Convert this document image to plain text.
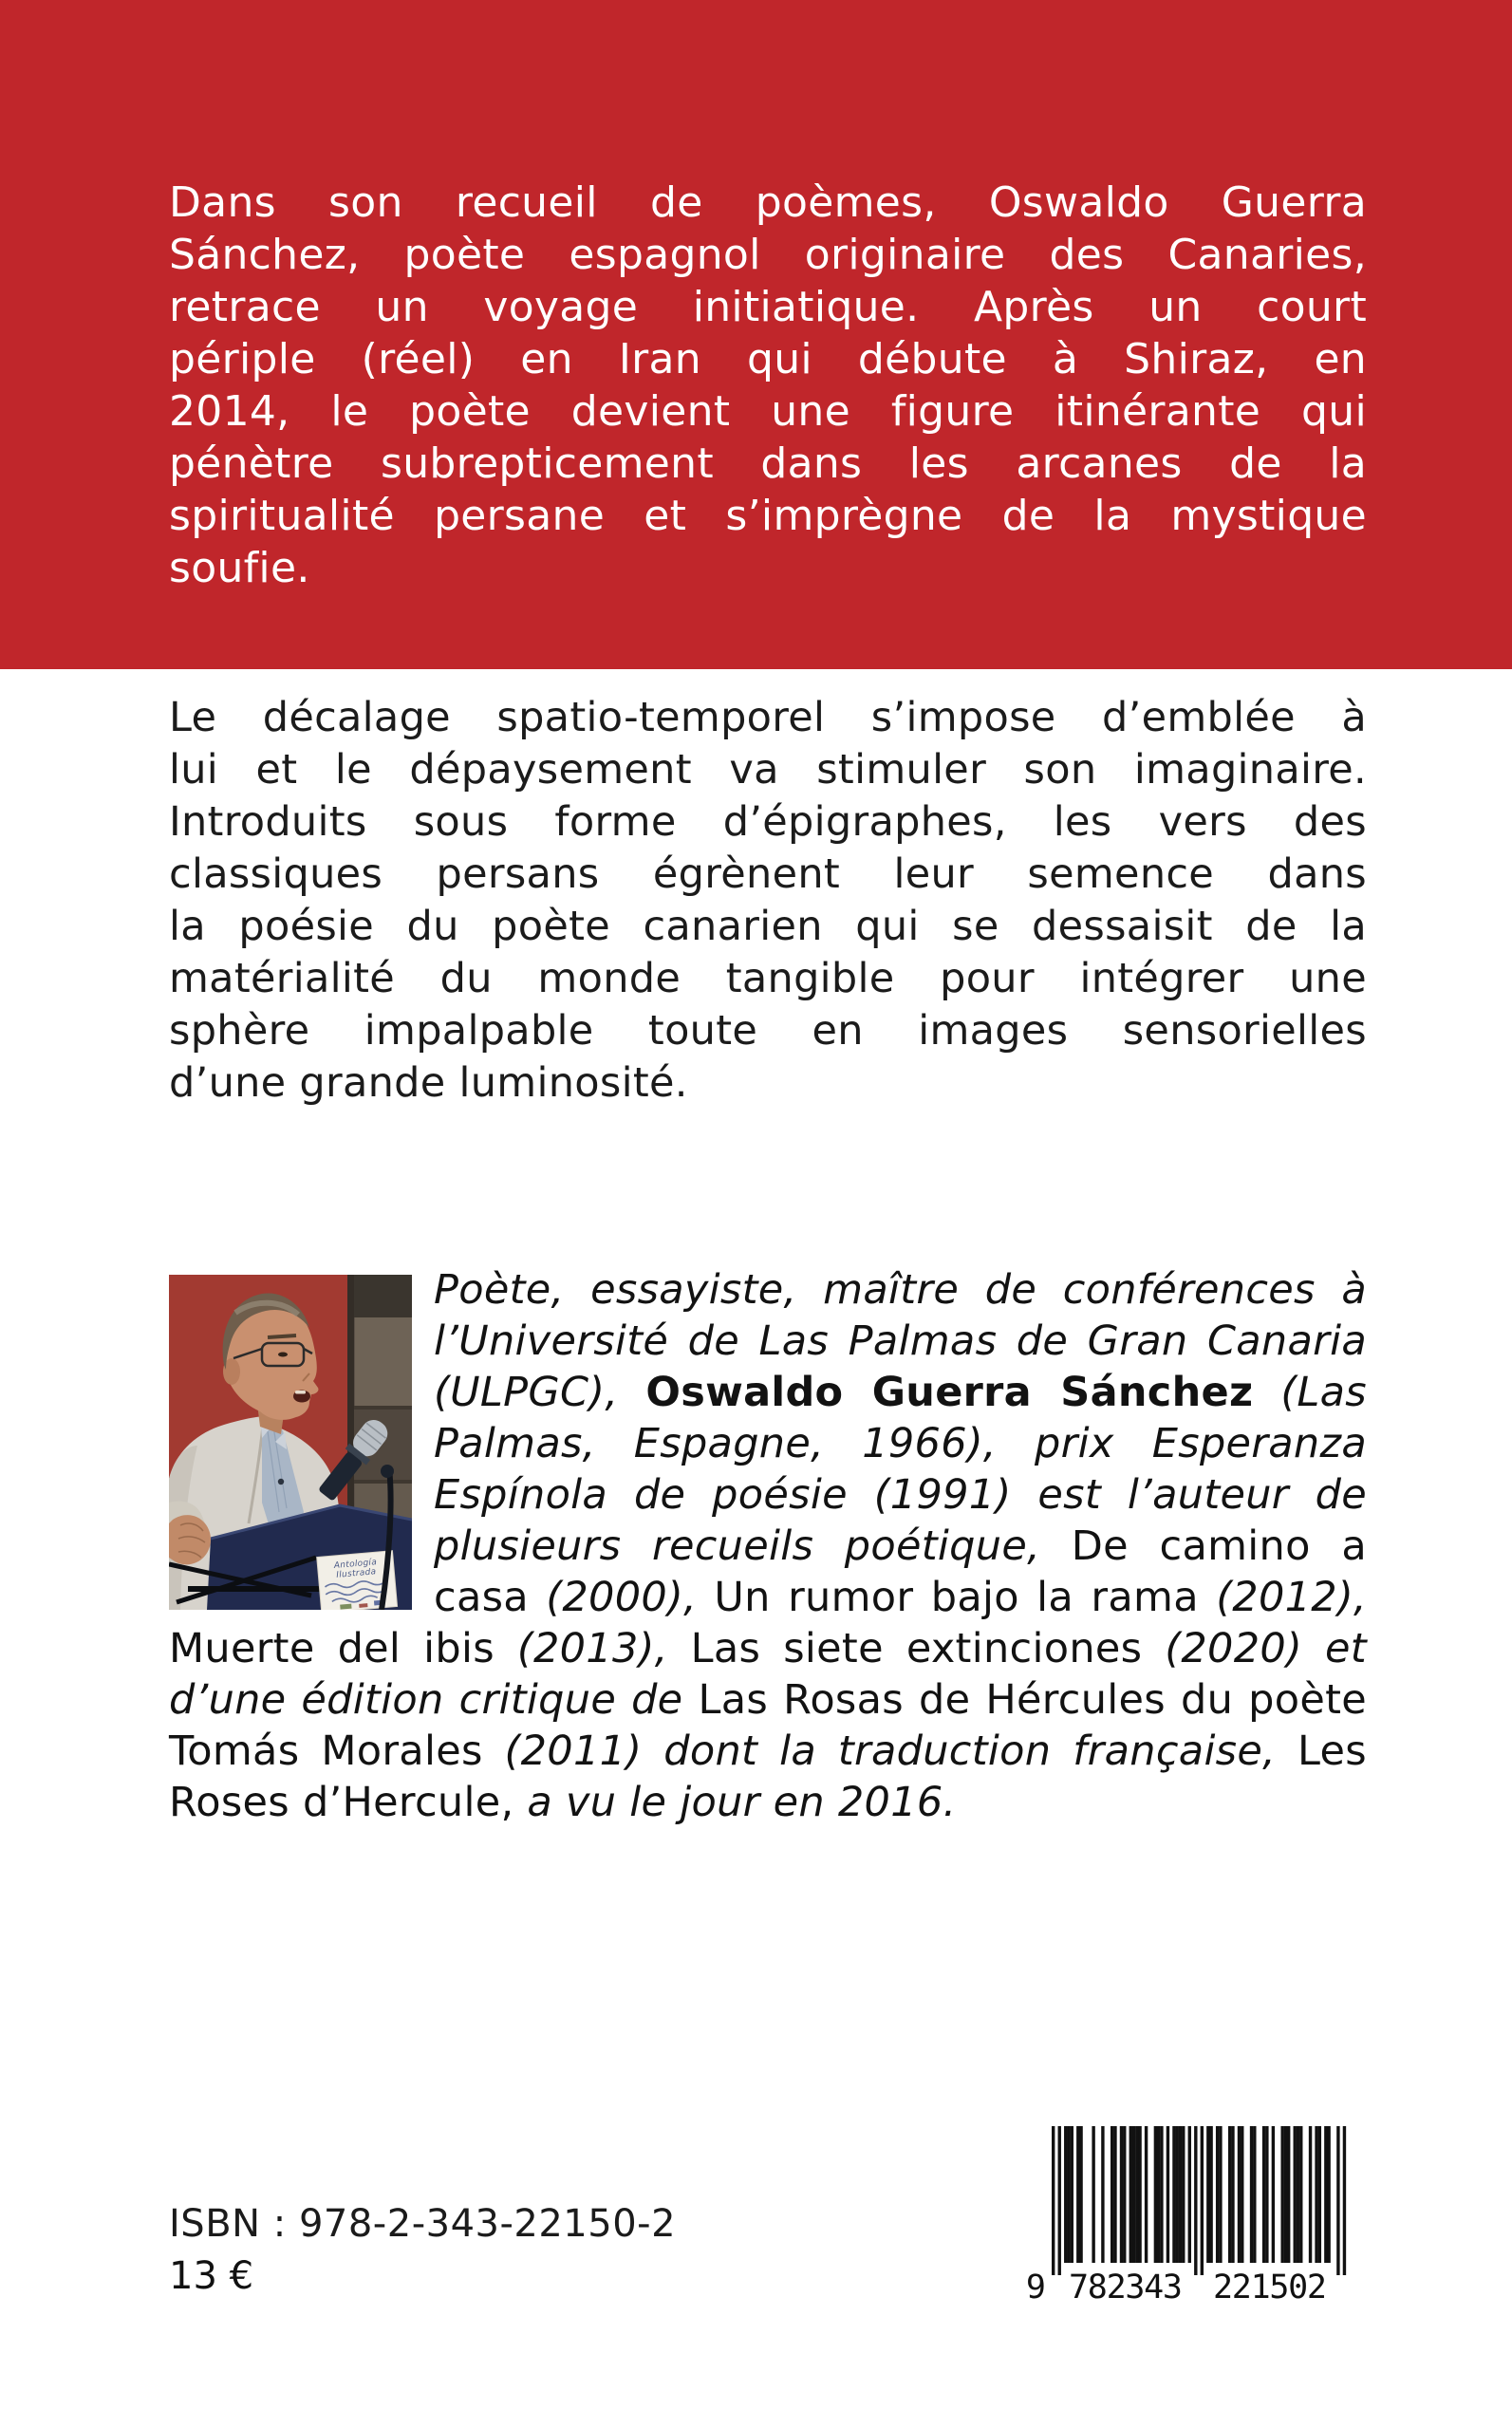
Dans son recueil de poèmes, Oswaldo Guerra
Sánchez, poète espagnol originaire des Canaries,
retrace un voyage initiatique. Après un court
périple (réel) en Iran qui débute à Shiraz, en
2014, le poète devient une figure itinérante qui
pénètre subrepticement dans les arcanes de la
spiritualité persane et s’imprègne de la mystique
soufie.
Le décalage spatio-temporel s’impose d’emblée à
lui et le dépaysement va stimuler son imaginaire.
Introduits sous forme d’épigraphes, les vers des
classiques persans égrènent leur semence dans
la poésie du poète canarien qui se dessaisit de la
matérialité du monde tangible pour intégrer une
sphère impalpable toute en images sensorielles
d’une grande luminosité.
Antología
Ilustrada
Poète, essayiste, maître de conférences à l’Université de Las Palmas de Gran Canaria (ULPGC), Oswaldo Guerra Sánchez (Las Palmas, Espagne, 1966), prix Esperanza Espínola de poésie (1991) est l’auteur de plusieurs recueils poétique, De camino a casa (2000), Un rumor bajo la rama (2012), Muerte del ibis (2013), Las siete extinciones (2020) et d’une édition critique de Las Rosas de Hércules du poète Tomás Morales (2011) dont la traduction française, Les Roses d’Hercule, a vu le jour en 2016.
ISBN : 978-2-343-22150-2
13 €	9 782343 221502
